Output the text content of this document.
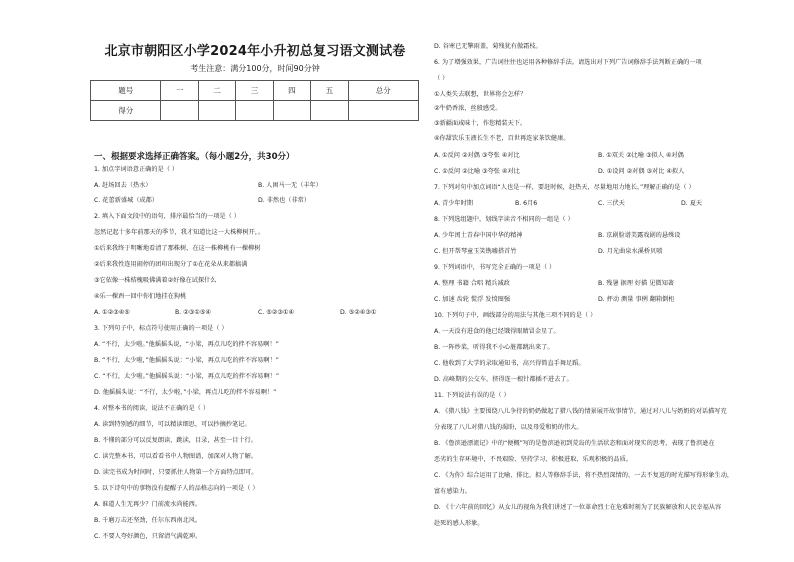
北京市朝阳区小学2024年小升初总复习语文测试卷
考生注意：满分100分，时间90分钟
题号	一	二	三	四	五	总分
得分						
一、根据要求选择正确答案。（每小题2分，共30分）
1. 加点字词语意正确的是（ ）
A. 赶场回去（热水）	B. 人困马一无（丰年）
C. 花蕾新盛城（成都）	D. 非然也（非常）
2. 填入下面文段中的语句，排序最恰当的一项是（ ）
忽然记起十多年前那天的季节，我才知道比这一大株柳树开，。
①后来我终于明晰地看清了那株树，在这一株柳桃有一棵柳树
②后来我性连用闹停的团印出现分了①在花朵从来都搞满
③它依像一株桔槐吸佛满着②好像在试探什么
④乐一棵酉一回中你们地挂在狗桃
A. ①②③④⑤	B. ②③①⑤④	C. ⑤②③①④	D. ⑤②④③①
3. 下列句子中，标点符号使用正确的一项是（ ）
A. “不行，太少啦。”他摇摇头说，“小梁，再点儿吃的拌不容易啊！”
B. “不行，太少啦，”他摇摇头说：“小梁，再点儿吃的拌不容易啊！”
C. “不行，太少啦。”他摇摇头说：“小梁，再点儿吃的拌不容易啊！”
D. 他摇摇头说：“不行，太少啦，”小梁，再点儿吃的拌不容易啊！”
4. 对整本书的阅读，说法不正确的是（ ）
A. 读到特别感的细节，可以精读细思，可以抄摘抄笔记。
B. 不懂的部分可以反复朗读，跳读，目录，甚至一目十行。
C. 读完整本书，可以看看书中人物图谱，加深对人物了解。
D. 读完书成为时间时，只要抓住人物第一个方面特点即可。
5. 以下诗句中的事物没有提醒子人的品格志向的一项是（ ）
A. 谁道人生无再少？门前流水尚能西。
B. 千磨万击还坚劲，任尔东西南北风。
C. 不要人夸好颜色，只留清气满乾坤。
D. 谷寒已无擎雨盖，菊残犹有傲霜枝。
6. 为了增强效果，广告词往往也运用各种修辞手法。请选出对下列广告词修辞手法判断正确的一项
（ ）
①人类失去联想，世界将会怎样？
②牛奶香浓，丝般感受。
③新疆面咸味十，作您精装天下。
④你甜饮乐玉液长生不老，百世再连家茶饮健康。
A. ①反问 ②对偶 ③夸张 ④对比	B. ①双关 ②比喻 ③拟人 ④对偶
C. ①反问 ②比喻 ③夸张 ④对比	D. ①设问 ②对偶 ③对比 ④拟人
7. 下列对句中加点词语“人也是一样，要赶时候，赶热天，尽量地用力地长。”理解正确的是（ ）
A. 青少年时期	B. 6月6	C. 三伏天	D. 夏天
8. 下列选组题中，划线字读音不相同的一组是（ ）
A. 少年闰土青春中国中华的精神	B. 京剧脸谱美露戏剧的悬殊设
C. 但开帮琴童玉笑镌嘘搭首竹	D. 月光曲泉水溪桥贝喷
9. 下列词语中，书写完全正确的一项是（ ）
A. 整理 书籍 合唱 精兵减政	B. 残暑 据理 好描 见微知著
C. 加速 齿轮 慌浮 发愤图强	D. 抨动 测量 事例 翻箱倒柜
10. 下列句子中，画线部分的用法与其他三项不同的是（ ）
A. 一天没有进食的他已经饿得眼睛冒金星了。
B. 一阵炒菜，听得我不小心脏都跳出来了。
C. 他收到了大学的录取通知书，高兴得简直手舞足蹈。
D. 高峰期的公交车，挤得连一根针都插不进去了。
11. 下列说法有误的是（ ）
A. 《猎八钱》主要围绕八儿争待的奶奶做起了猎八钱的情景展开故事情节，通过对八儿与奶奶的对话描写充
分表现了八儿对猎八钱的渴盼，以及母爱和奶的伟大。
B. 《鲁滨逊漂流记》中的“便概”写的是鲁滨逊初到荒岛的生活状态和面对现实的思考，表现了鲁滨逊在
恶劣的生存环境中，不畏艰险、坚持学习、积极进取、乐观积极的品质。
C. 《为你》综合运用了比喻、排比、拟人等修辞手法，将不热烈深情的、一去不复返的时光描写得形象生动，
富有感染力。
D. 《十六年前的回忆》从女儿的视角为我们讲述了一位革命烈士在危难时刻为了民族解放和人民幸福从容
赴死的感人形象。
